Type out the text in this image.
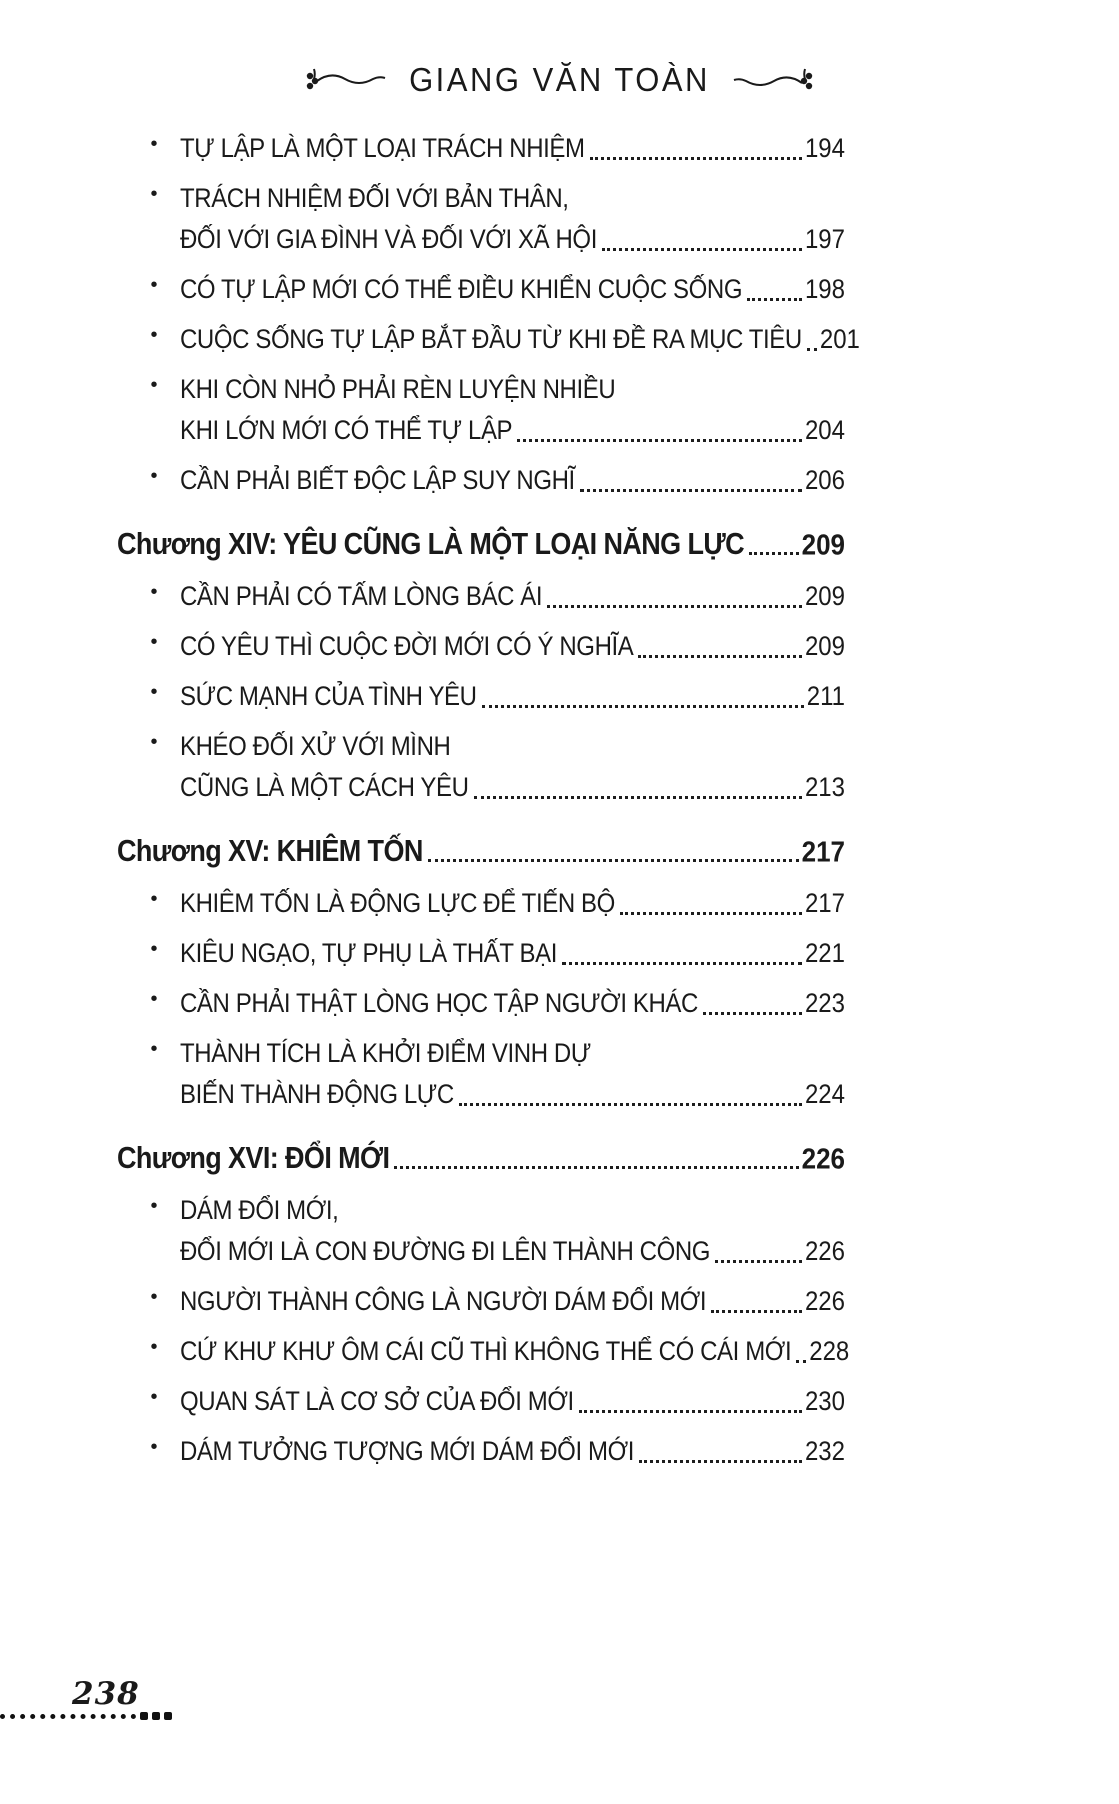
GIANG VĂN TOÀN
• TỰ LẬP LÀ MỘT LOẠI TRÁCH NHIỆM	194
• TRÁCH NHIỆM ĐỐI VỚI BẢN THÂN,
ĐỐI VỚI GIA ĐÌNH VÀ ĐỐI VỚI XÃ HỘI	197
• CÓ TỰ LẬP MỚI CÓ THỂ ĐIỀU KHIỂN CUỘC SỐNG	198
• CUỘC SỐNG TỰ LẬP BẮT ĐẦU TỪ KHI ĐỀ RA MỤC TIÊU 201
• KHI CÒN NHỎ PHẢI RÈN LUYỆN NHIỀU
KHI LỚN MỚI CÓ THỂ TỰ LẬP	204
• CẦN PHẢI BIẾT ĐỘC LẬP SUY NGHĨ	206
Chương XIV: YÊU CŨNG LÀ MỘT LOẠI NĂNG LỰC 209
• CẦN PHẢI CÓ TẤM LÒNG BÁC ÁI	209
• CÓ YÊU THÌ CUỘC ĐỜI MỚI CÓ Ý NGHĨA	209
• SỨC MẠNH CỦA TÌNH YÊU	211
• KHÉO ĐỐI XỬ VỚI MÌNH
CŨNG LÀ MỘT CÁCH YÊU	213
Chương XV: KHIÊM TỐN	217
• KHIÊM TỐN LÀ ĐỘNG LỰC ĐỂ TIẾN BỘ	217
• KIÊU NGẠO, TỰ PHỤ LÀ THẤT BẠI	221
• CẦN PHẢI THẬT LÒNG HỌC TẬP NGƯỜI KHÁC	223
• THÀNH TÍCH LÀ KHỞI ĐIỂM VINH DỰ
BIẾN THÀNH ĐỘNG LỰC	224
Chương XVI: ĐỔI MỚI	226
• DÁM ĐỔI MỚI,
ĐỔI MỚI LÀ CON ĐƯỜNG ĐI LÊN THÀNH CÔNG	226
• NGƯỜI THÀNH CÔNG LÀ NGƯỜI DÁM ĐỔI MỚI	226
• CỨ KHƯ KHƯ ÔM CÁI CŨ THÌ KHÔNG THỂ CÓ CÁI MỚI 228
• QUAN SÁT LÀ CƠ SỞ CỦA ĐỔI MỚI	230
• DÁM TƯỞNG TƯỢNG MỚI DÁM ĐỔI MỚI	232
238
